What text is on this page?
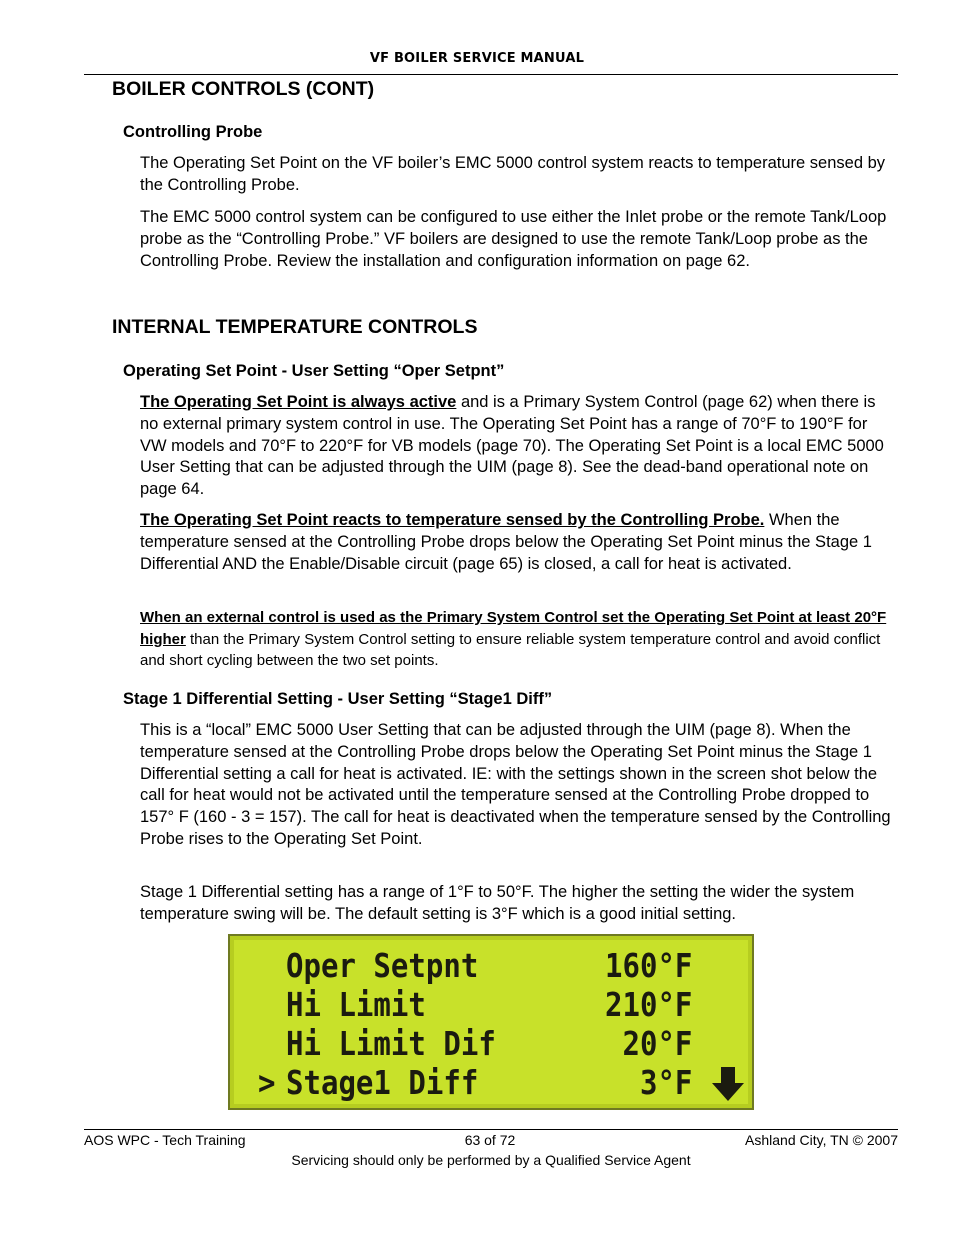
VF BOILER SERVICE MANUAL
BOILER CONTROLS (CONT)
Controlling Probe
The Operating Set Point on the VF boiler’s EMC 5000 control system reacts to temperature sensed by the Controlling Probe.
The EMC 5000 control system can be configured to use either the Inlet probe or the remote Tank/Loop probe as the “Controlling Probe.” VF boilers are designed to use the remote Tank/Loop probe as the Controlling Probe. Review the installation and configuration information on page 62.
INTERNAL TEMPERATURE CONTROLS
Operating Set Point - User Setting “Oper Setpnt”
The Operating Set Point is always active and is a Primary System Control (page 62) when there is no external primary system control in use. The Operating Set Point has a range of 70°F to 190°F for VW models and 70°F to 220°F for VB models (page 70). The Operating Set Point is a local EMC 5000 User Setting that can be adjusted through the UIM (page 8). See the dead-band operational note on page 64.
The Operating Set Point reacts to temperature sensed by the Controlling Probe. When the temperature sensed at the Controlling Probe drops below the Operating Set Point minus the Stage 1 Differential AND the Enable/Disable circuit (page 65) is closed, a call for heat is activated.
When an external control is used as the Primary System Control set the Operating Set Point at least 20°F higher than the Primary System Control setting to ensure reliable system temperature control and avoid conflict and short cycling between the two set points.
Stage 1 Differential Setting - User Setting “Stage1 Diff”
This is a “local” EMC 5000 User Setting that can be adjusted through the UIM (page 8). When the temperature sensed at the Controlling Probe drops below the Operating Set Point minus the Stage 1 Differential setting a call for heat is activated. IE: with the settings shown in the screen shot below the call for heat would not be activated until the temperature sensed at the Controlling Probe dropped to 157° F (160 - 3 = 157). The call for heat is deactivated when the temperature sensed by the Controlling Probe rises to the Operating Set Point.
Stage 1 Differential setting has a range of 1°F to 50°F. The higher the setting the wider the system temperature swing will be. The default setting is 3°F which is a good initial setting.
Oper Setpnt	160°F
Hi Limit	210°F
Hi Limit Dif	20°F
> Stage1 Diff	3°F
AOS WPC - Tech Training	63 of 72	Ashland City, TN © 2007
Servicing should only be performed by a Qualified Service Agent
